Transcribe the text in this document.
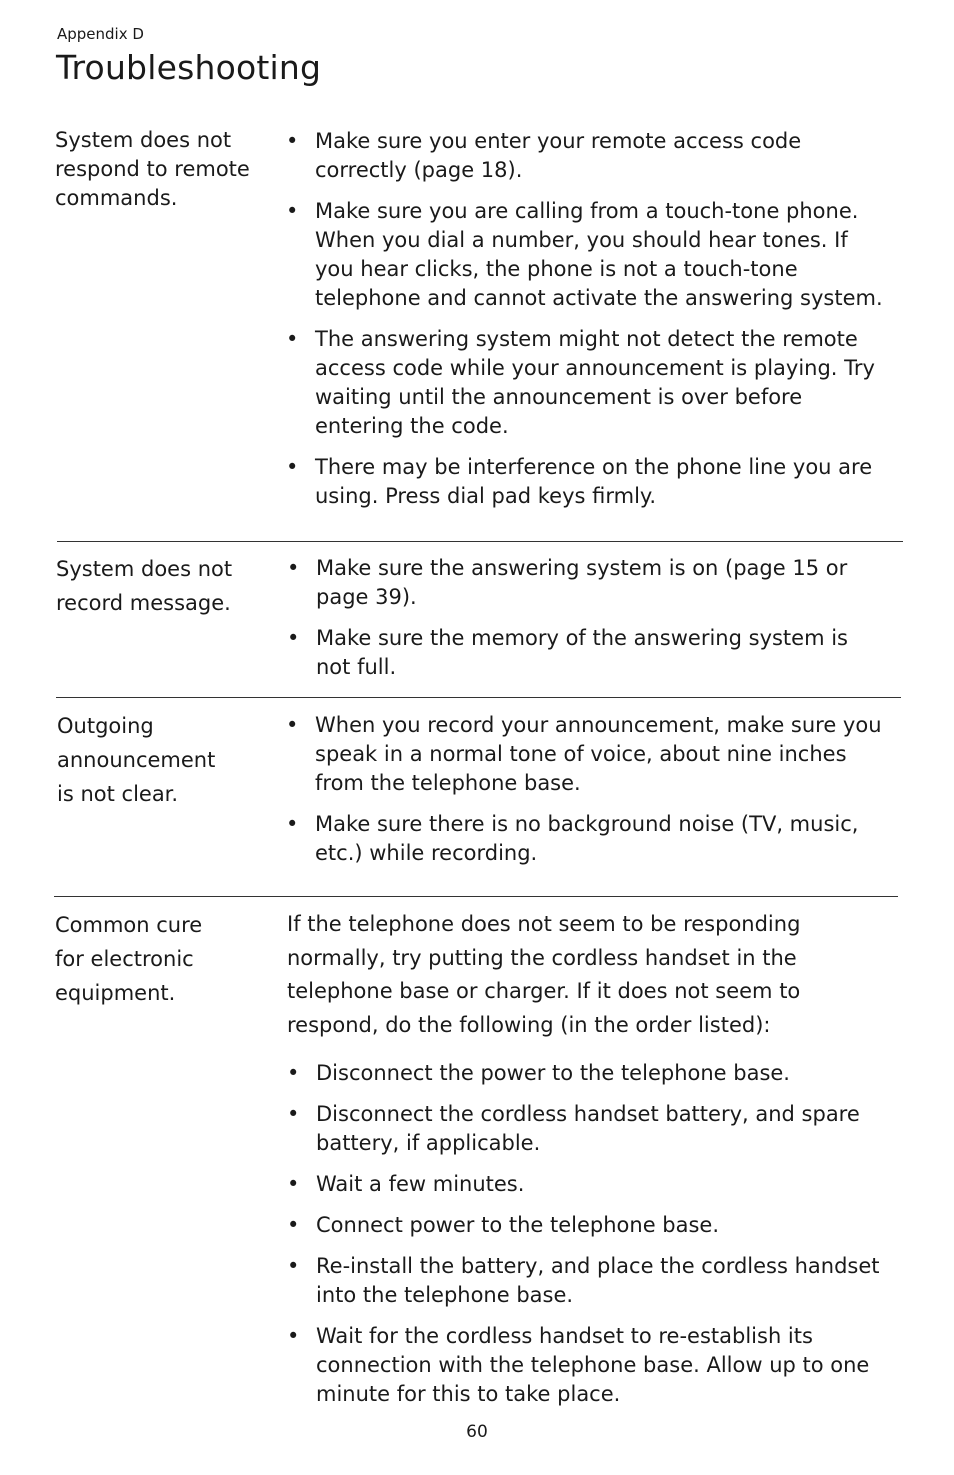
Appendix D
Troubleshooting
System does not
respond to remote
commands.
• Make sure you enter your remote access code
correctly (page 18).
• Make sure you are calling from a touch-tone phone.
When you dial a number, you should hear tones. If
you hear clicks, the phone is not a touch-tone
telephone and cannot activate the answering system.
• The answering system might not detect the remote
access code while your announcement is playing. Try
waiting until the announcement is over before
entering the code.
• There may be interference on the phone line you are
using. Press dial pad keys firmly.
System does not
record message.
• Make sure the answering system is on (page 15 or
page 39).
• Make sure the memory of the answering system is
not full.
Outgoing
announcement
is not clear.
• When you record your announcement, make sure you
speak in a normal tone of voice, about nine inches
from the telephone base.
• Make sure there is no background noise (TV, music,
etc.) while recording.
Common cure
for electronic
equipment.
If the telephone does not seem to be responding
normally, try putting the cordless handset in the
telephone base or charger. If it does not seem to
respond, do the following (in the order listed):
• Disconnect the power to the telephone base.
• Disconnect the cordless handset battery, and spare
battery, if applicable.
• Wait a few minutes.
• Connect power to the telephone base.
• Re-install the battery, and place the cordless handset
into the telephone base.
• Wait for the cordless handset to re-establish its
connection with the telephone base. Allow up to one
minute for this to take place.
60
